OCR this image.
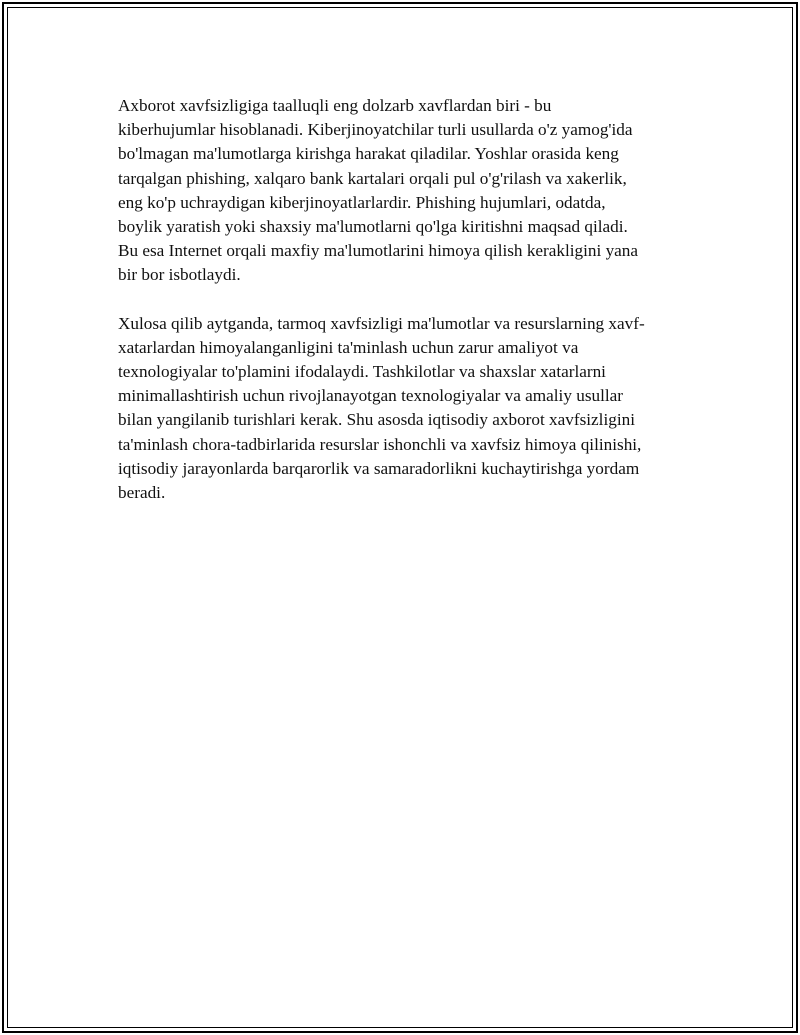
Axborot xavfsizligiga taalluqli eng dolzarb xavflardan biri - bu
kiberhujumlar hisoblanadi. Kiberjinoyatchilar turli usullarda o'z yamog'ida
bo'lmagan ma'lumotlarga kirishga harakat qiladilar. Yoshlar orasida keng
tarqalgan phishing, xalqaro bank kartalari orqali pul o'g'rilash va xakerlik,
eng ko'p uchraydigan kiberjinoyatlarlardir. Phishing hujumlari, odatda,
boylik yaratish yoki shaxsiy ma'lumotlarni qo'lga kiritishni maqsad qiladi.
Bu esa Internet orqali maxfiy ma'lumotlarini himoya qilish kerakligini yana
bir bor isbotlaydi.

Xulosa qilib aytganda, tarmoq xavfsizligi ma'lumotlar va resurslarning xavf-
xatarlardan himoyalanganligini ta'minlash uchun zarur amaliyot va
texnologiyalar to'plamini ifodalaydi. Tashkilotlar va shaxslar xatarlarni
minimallashtirish uchun rivojlanayotgan texnologiyalar va amaliy usullar
bilan yangilanib turishlari kerak. Shu asosda iqtisodiy axborot xavfsizligini
ta'minlash chora-tadbirlarida resurslar ishonchli va xavfsiz himoya qilinishi,
iqtisodiy jarayonlarda barqarorlik va samaradorlikni kuchaytirishga yordam
beradi.
